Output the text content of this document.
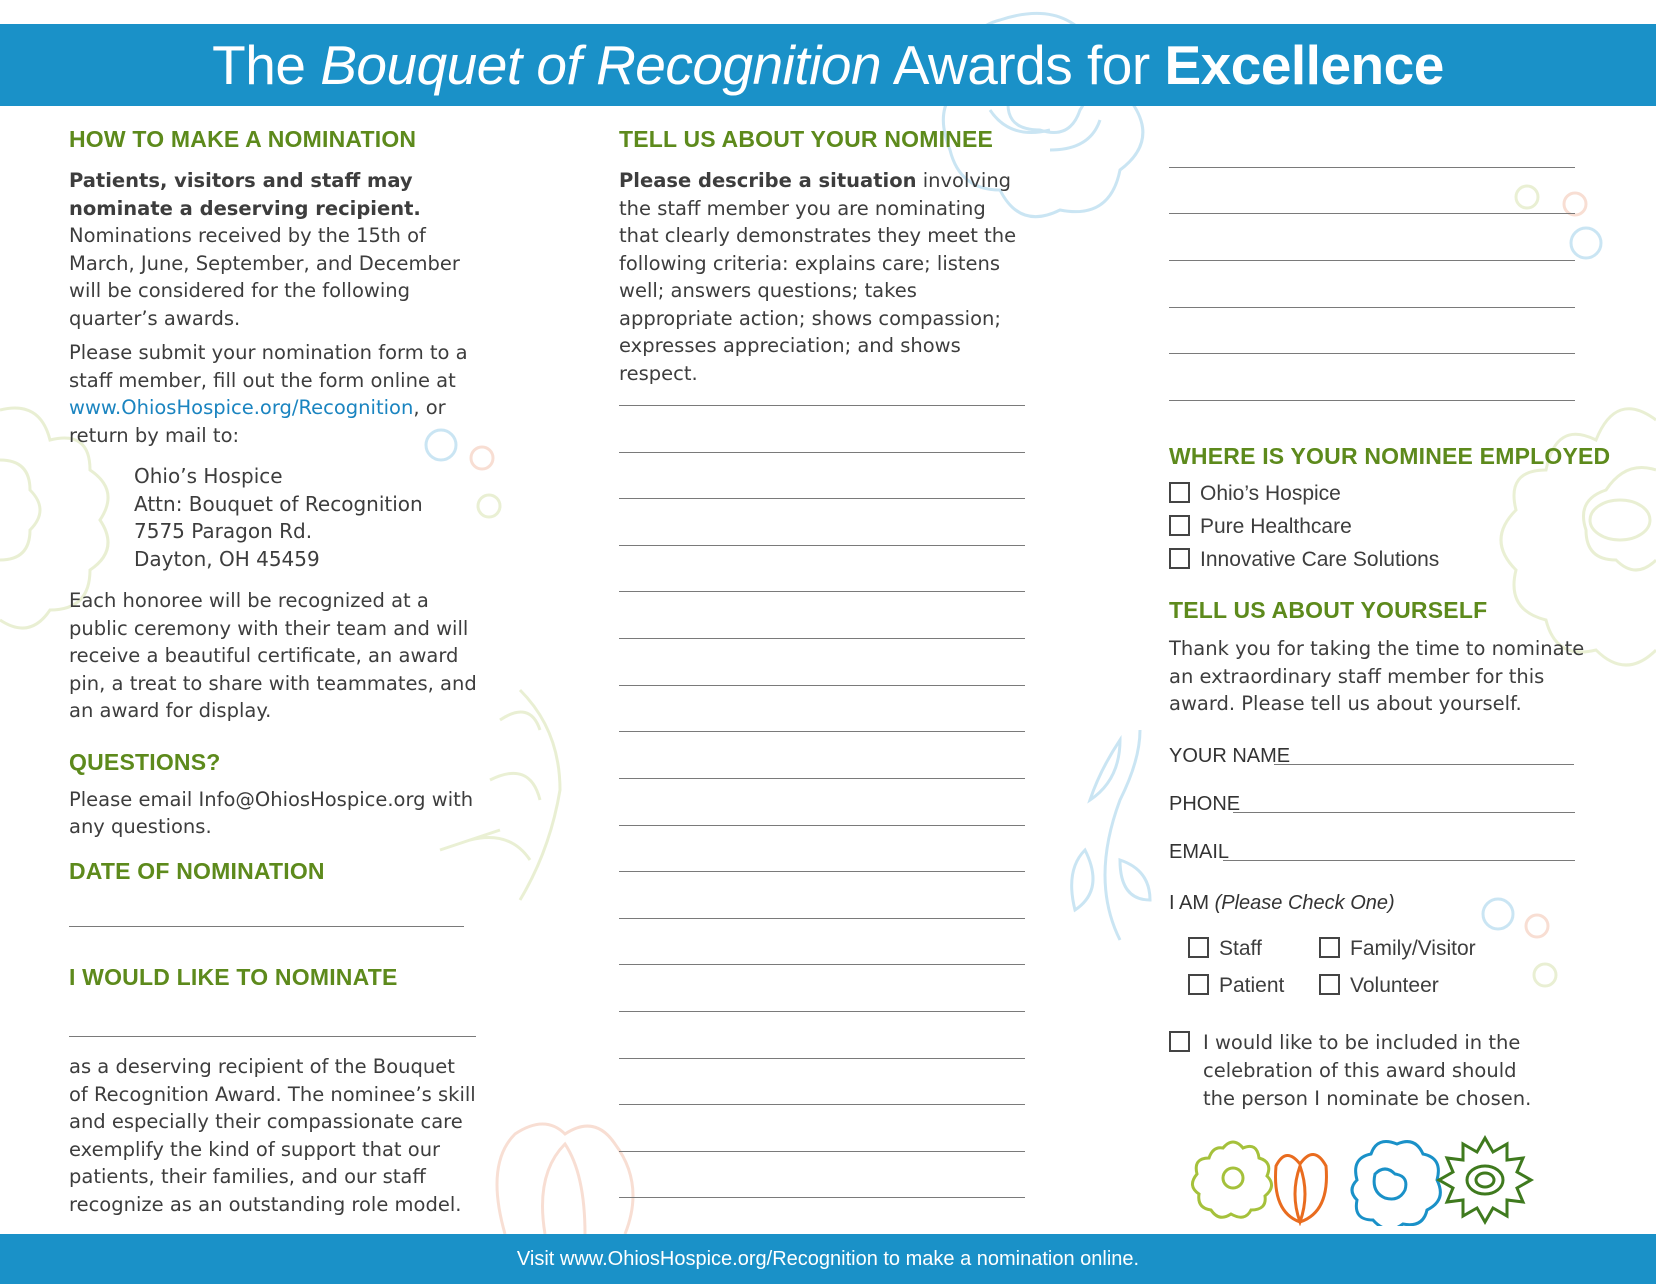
The Bouquet of Recognition Awards for Excellence
HOW TO MAKE A NOMINATION

Patients, visitors and staff may nominate a deserving recipient. Nominations received by the 15th of March, June, September, and December will be considered for the following quarter’s awards.

Please submit your nomination form to a staff member, fill out the form online at www.OhiosHospice.org/Recognition, or return by mail to:

Ohio’s Hospice
Attn: Bouquet of Recognition
7575 Paragon Rd.
Dayton, OH 45459

Each honoree will be recognized at a public ceremony with their team and will receive a beautiful certificate, an award pin, a treat to share with teammates, and an award for display.

QUESTIONS?

Please email Info@OhiosHospice.org with any questions.

DATE OF NOMINATION
I WOULD LIKE TO NOMINATE

as a deserving recipient of the Bouquet of Recognition Award. The nominee’s skill and especially their compassionate care exemplify the kind of support that our patients, their families, and our staff recognize as an outstanding role model.

TELL US ABOUT YOUR NOMINEE

Please describe a situation involving the staff member you are nominating that clearly demonstrates they meet the following criteria: explains care; listens well; answers questions; takes appropriate action; shows compassion; expresses appreciation; and shows respect.

WHERE IS YOUR NOMINEE EMPLOYED
Ohio’s Hospice
Pure Healthcare
Innovative Care Solutions
TELL US ABOUT YOURSELF

Thank you for taking the time to nominate an extraordinary staff member for this award. Please tell us about yourself.

YOUR NAME
PHONE
EMAIL
I AM (Please Check One)
Staff	Family/Visitor
Patient	Volunteer

I would like to be included in the celebration of this award should the person I nominate be chosen.

Visit www.OhiosHospice.org/Recognition to make a nomination online.
